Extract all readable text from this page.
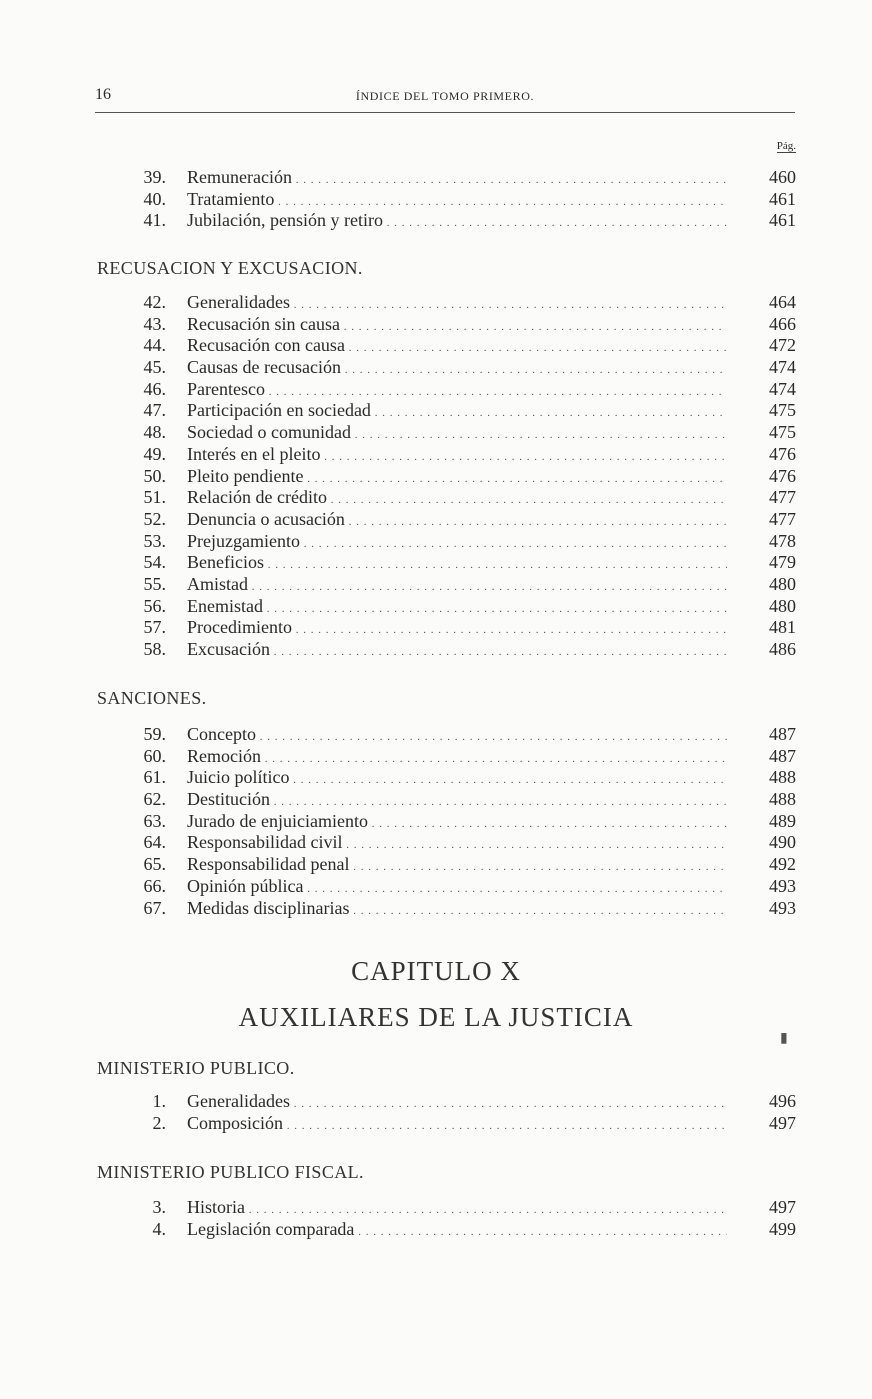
16	ÍNDICE DEL TOMO PRIMERO.
Pág.
39. Remuneración . . .	460
40. Tratamiento . . .	461
41. Jubilación, pensión y retiro . . .	461
RECUSACION Y EXCUSACION.
42. Generalidades . . .	464
43. Recusación sin causa . . .	466
44. Recusación con causa . . .	472
45. Causas de recusación . . .	474
46. Parentesco . . .	474
47. Participación en sociedad . . .	475
48. Sociedad o comunidad . . .	475
49. Interés en el pleito . . .	476
50. Pleito pendiente . . .	476
51. Relación de crédito . . .	477
52. Denuncia o acusación . . .	477
53. Prejuzgamiento . . .	478
54. Beneficios . . .	479
55. Amistad . . .	480
56. Enemistad . . .	480
57. Procedimiento . . .	481
58. Excusación . . .	486
SANCIONES.
59. Concepto . . .	487
60. Remoción . . .	487
61. Juicio político . . .	488
62. Destitución . . .	488
63. Jurado de enjuiciamiento . . .	489
64. Responsabilidad civil . . .	490
65. Responsabilidad penal . . .	492
66. Opinión pública . . .	493
67. Medidas disciplinarias . . .	493
CAPITULO X
AUXILIARES DE LA JUSTICIA
▮
MINISTERIO PUBLICO.
1. Generalidades . . .	496
2. Composición . . .	497
MINISTERIO PUBLICO FISCAL.
3. Historia . . .	497
4. Legislación comparada . . .	499
